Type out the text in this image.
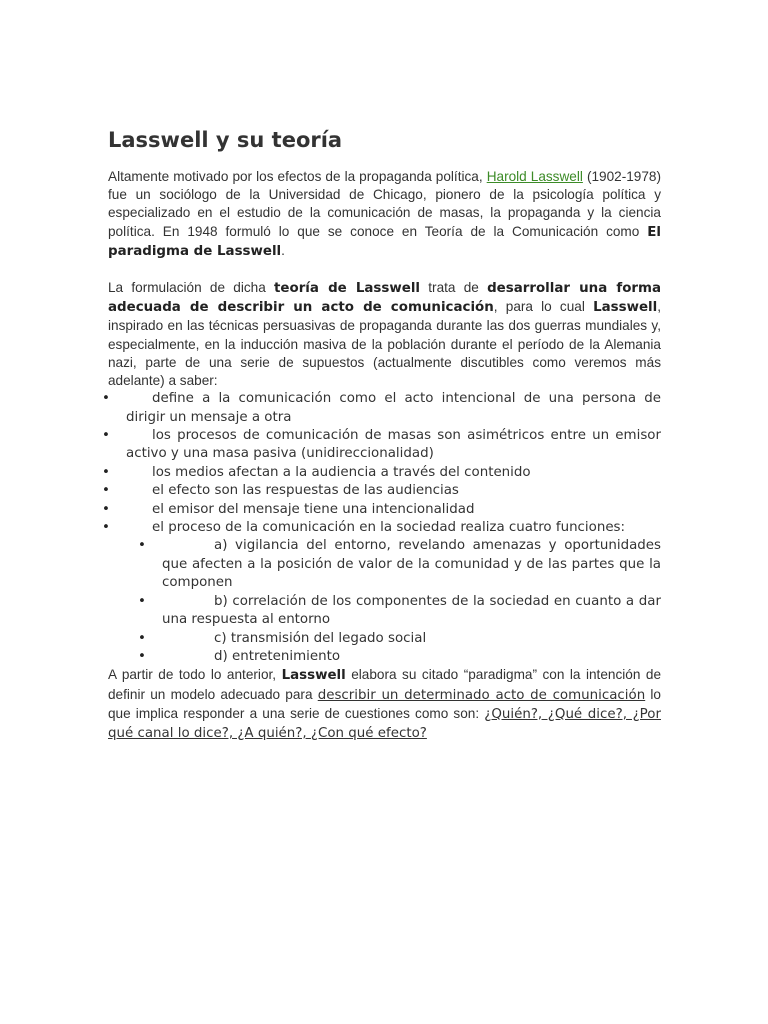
Lasswell y su teoría

Altamente motivado por los efectos de la propaganda política, Harold Lasswell (1902-1978) fue un sociólogo de la Universidad de Chicago, pionero de la psicología política y especializado en el estudio de la comunicación de masas, la propaganda y la ciencia política. En 1948 formuló lo que se conoce en Teoría de la Comunicación como El paradigma de Lasswell.

La formulación de dicha teoría de Lasswell trata de desarrollar una forma adecuada de describir un acto de comunicación, para lo cual Lasswell, inspirado en las técnicas persuasivas de propaganda durante las dos guerras mundiales y, especialmente, en la inducción masiva de la población durante el período de la Alemania nazi, parte de una serie de supuestos (actualmente discutibles como veremos más adelante) a saber:

• define a la comunicación como el acto intencional de una persona de dirigir un mensaje a otra
• los procesos de comunicación de masas son asimétricos entre un emisor activo y una masa pasiva (unidireccionalidad)
• los medios afectan a la audiencia a través del contenido
• el efecto son las respuestas de las audiencias
• el emisor del mensaje tiene una intencionalidad
• el proceso de la comunicación en la sociedad realiza cuatro funciones:
• a) vigilancia del entorno, revelando amenazas y oportunidades que afecten a la posición de valor de la comunidad y de las partes que la componen
• b) correlación de los componentes de la sociedad en cuanto a dar una respuesta al entorno
• c) transmisión del legado social
• d) entretenimiento

A partir de todo lo anterior, Lasswell elabora su citado “paradigma” con la intención de definir un modelo adecuado para describir un determinado acto de comunicación lo que implica responder a una serie de cuestiones como son: ¿Quién?, ¿Qué dice?, ¿Por qué canal lo dice?, ¿A quién?, ¿Con qué efecto?
